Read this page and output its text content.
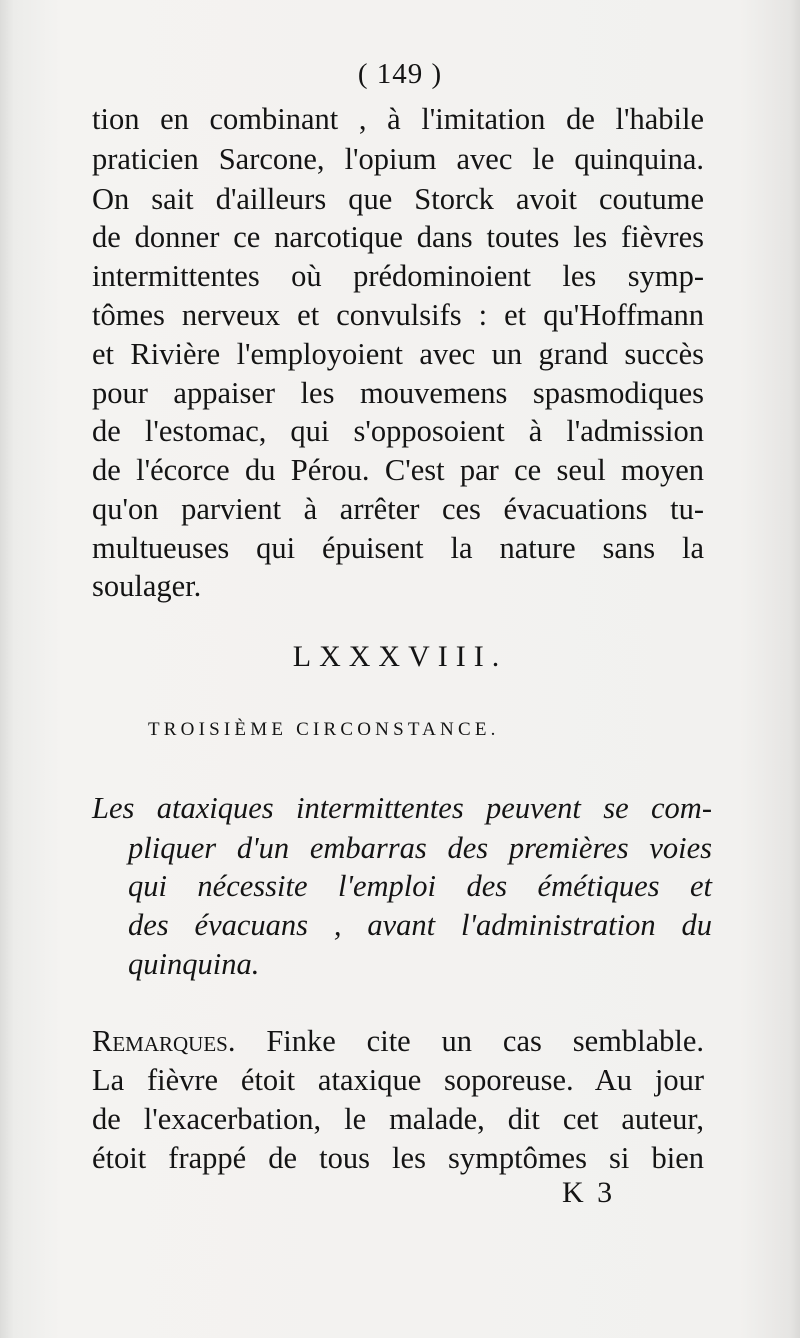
( 149 )
tion en combinant , à l'imitation de l'habile
praticien Sarcone, l'opium avec le quinquina.
On sait d'ailleurs que Storck avoit coutume
de donner ce narcotique dans toutes les fièvres
intermittentes où prédominoient les symp-
tômes nerveux et convulsifs : et qu'Hoffmann
et Rivière l'employoient avec un grand succès
pour appaiser les mouvemens spasmodiques
de l'estomac, qui s'opposoient à l'admission
de l'écorce du Pérou. C'est par ce seul moyen
qu'on parvient à arrêter ces évacuations tu-
multueuses qui épuisent la nature sans la
soulager.
LXXXVIII.
TROISIÈME CIRCONSTANCE.
Les ataxiques intermittentes peuvent se com-
pliquer d'un embarras des premières voies
qui nécessite l'emploi des émétiques et
des évacuans , avant l'administration du
quinquina.
Remarques. Finke cite un cas semblable.
La fièvre étoit ataxique soporeuse. Au jour
de l'exacerbation, le malade, dit cet auteur,
étoit frappé de tous les symptômes si bien
K 3
